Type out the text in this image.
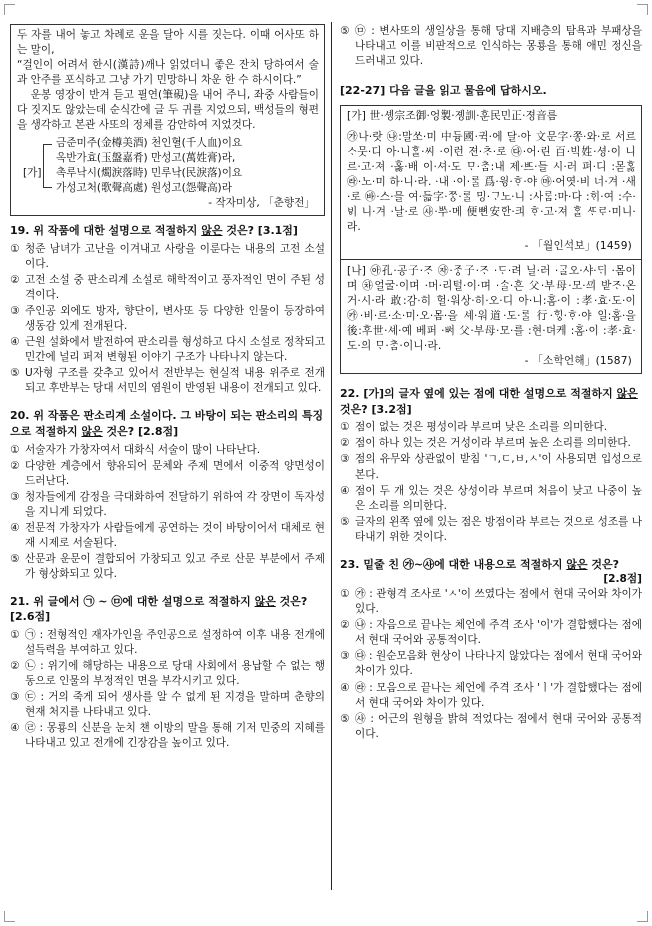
두 자를 내어 놓고 차례로 운을 달아 시를 짓는다. 이때 어사또 하는 말이,

“걸인이 어려서 한시(漢詩)깨나 읽었더니 좋은 잔치 당하여서 술과 안주를 포식하고 그냥 가기 민망하니 차운 한 수 하시이다.”

운봉 영장이 반겨 듣고 필연(筆硯)을 내어 주니, 좌중 사람들이 다 짓지도 않았는데 순식간에 글 두 귀를 지었으되, 백성들의 형편을 생각하고 본관 사또의 정체를 감안하여 지었것다.

[가]
금준미주(金樽美酒) 천인혈(千人血)이요
옥반가효(玉盤嘉肴) 만성고(萬姓膏)라,
촉루낙시(燭淚落時) 민루낙(民淚落)이요
가성고처(歌聲高處) 원성고(怨聲高)라
- 작자미상, 「춘향전」
19. 위 작품에 대한 설명으로 적절하지 않은 것은? [3.1점]
① 청준 남녀가 고난을 이겨내고 사랑을 이룬다는 내용의 고전 소설이다.
② 고전 소설 중 판소리계 소설로 해학적이고 풍자적인 면이 주된 성격이다.
③ 주인공 외에도 방자, 향단이, 변사또 등 다양한 인물이 등장하여 생동감 있게 전개된다.
④ 근원 설화에서 발전하여 판소리를 형성하고 다시 소설로 정착되고 민간에 널리 퍼져 변형된 이야기 구조가 나타나지 않는다.
⑤ U자형 구조를 갖추고 있어서 전반부는 현실적 내용 위주로 전개되고 후반부는 당대 서민의 염원이 반영된 내용이 전개되고 있다.
20. 위 작품은 판소리계 소설이다. 그 바탕이 되는 판소리의 특징으로 적절하지 않은 것은? [2.8점]
① 서술자가 가창자여서 대화식 서술이 많이 나타난다.
② 다양한 계층에서 향유되어 문체와 주제 면에서 이중적 양면성이 드러난다.
③ 청자들에게 감정을 극대화하여 전달하기 위하여 각 장면이 독자성을 지니게 되었다.
④ 전문적 가창자가 사람들에게 공연하는 것이 바탕이어서 대체로 현재 시제로 서술된다.
⑤ 산문과 운문이 결합되어 가창되고 있고 주로 산문 부분에서 주제가 형상화되고 있다.
21. 위 글에서 ㉠ ~ ㉤에 대한 설명으로 적절하지 않은 것은? [2.6점]
① ㉠ : 전형적인 재자가인을 주인공으로 설정하여 이후 내용 전개에 설득력을 부여하고 있다.
② ㉡ : 위기에 해당하는 내용으로 당대 사회에서 용납할 수 없는 행동으로 인물의 부정적인 면을 부각시키고 있다.
③ ㉢ : 거의 죽게 되어 생사를 알 수 없게 된 지경을 말하며 춘향의 현재 처지를 나타내고 있다.
④ ㉣ : 몽룡의 신분을 눈치 챈 이방의 말을 통해 기저 민중의 지혜를 나타내고 있고 전개에 긴장감을 높이고 있다.
⑤ ㉤ : 변사또의 생일상을 통해 당대 지배층의 탐욕과 부패상을 나타내고 이를 비판적으로 인식하는 몽룡을 통해 애민 정신을 드러내고 있다.
[22-27] 다음 글을 읽고 물음에 답하시오.

[가] 世·솅宗조御·엉製·졩訓·훈民민正·졍音름

㉮나·랏 ㉯:말쏘·미 中듕國·귁·에 달·아 文문字·쫑·와·로 서르 ᄉᆞ뭇·디 아·니ᄒᆞᆯ·씨 ·이런 젼·ᄎᆞ·로 ㉰·어·린 百·빅姓·셩·이 니르·고·져 ·홇·배 이·셔·도 ᄆᆞ·ᄎᆞᆷ:내 제·ᄠᅳ·들 시·러 펴·디 :몯ᄒᆞᇙ ㉱·노·미 하·니·라. ·내 ·이·ᄅᆞᆯ 爲·윙·ᄒᆞ·야 ㉲·어엿·비 너·겨 ·새·로 ㉳·스·믈 여·듧字·ᄍᆞᆼ·ᄅᆞᆯ 밍·ᄀᆞ노·니 :사ᄅᆞᆷ:마·다 :ᄒᆡ·여 :수·ᄫᅵ 니·겨 ·날·로 ㉴·ᄡᅮ·메 便뼌安ᅙᅡᆫ·킈 ᄒᆞ·고·져 ᄒᆞᆯ ᄯᆞᄅᆞ·미니·라.

- 「월인석보」(1459)

[나] ㉵孔·공子·ᄌᆞ ㉶·ᄌᆞᇰ子·ᄌᆞ ·ᄃᆞ·려 닐·러 ·ᄀᆞᆯ오·샤·ᄃᆡ ·몸이며 ㉷얼굴·이며 ·머·리털·이·며 ·ᄉᆞᆯ·흔 父·부母·모·ᄭᅴ 받ᄌᆞ·온 거·시·라 敢:감·히 헐·워상·히·오·디 아·니:홈·이 :孝·효·도·이 ㉸·비·르·소·미·오·몸·을 셰·워道·도·ᄅᆞᆯ 行·ᄒᆡᇰ·ᄒᆞ·야 일:홈·을 後:후世·셰·예 베퍼 ·ᄡᅥ 父·부母·모·를 :현·뎌케 :홈·이 :孝·효·도·의 ᄆᆞ·ᄎᆞᆷ·이니·라.

- 「소학언해」(1587)
22. [가]의 글자 옆에 있는 점에 대한 설명으로 적절하지 않은 것은? [3.2점]
① 점이 없는 것은 평성이라 부르며 낮은 소리를 의미한다.
② 점이 하나 있는 것은 거성이라 부르며 높은 소리를 의미한다.
③ 점의 유무와 상관없이 받침 'ㄱ,ㄷ,ㅂ,ㅅ'이 사용되면 입성으로 본다.
④ 점이 두 개 있는 것은 상성이라 부르며 처음이 낮고 나중이 높은 소리를 의미한다.
⑤ 글자의 왼쪽 옆에 있는 점은 방점이라 부르는 것으로 성조를 나타내기 위한 것이다.
23. 밑줄 친 ㉮~㉴에 대한 내용으로 적절하지 않은 것은?
[2.8점]
① ㉮ : 관형격 조사로 'ㅅ'이 쓰였다는 점에서 현대 국어와 차이가 있다.
② ㉯ : 자음으로 끝나는 체언에 주격 조사 '이'가 결합했다는 점에서 현대 국어와 공통적이다.
③ ㉰ : 원순모음화 현상이 나타나지 않았다는 점에서 현대 국어와 차이가 있다.
④ ㉱ : 모음으로 끝나는 체언에 주격 조사 'ㅣ'가 결합했다는 점에서 현대 국어와 차이가 있다.
⑤ ㉴ : 어근의 원형을 밝혀 적었다는 점에서 현대 국어와 공통적이다.
